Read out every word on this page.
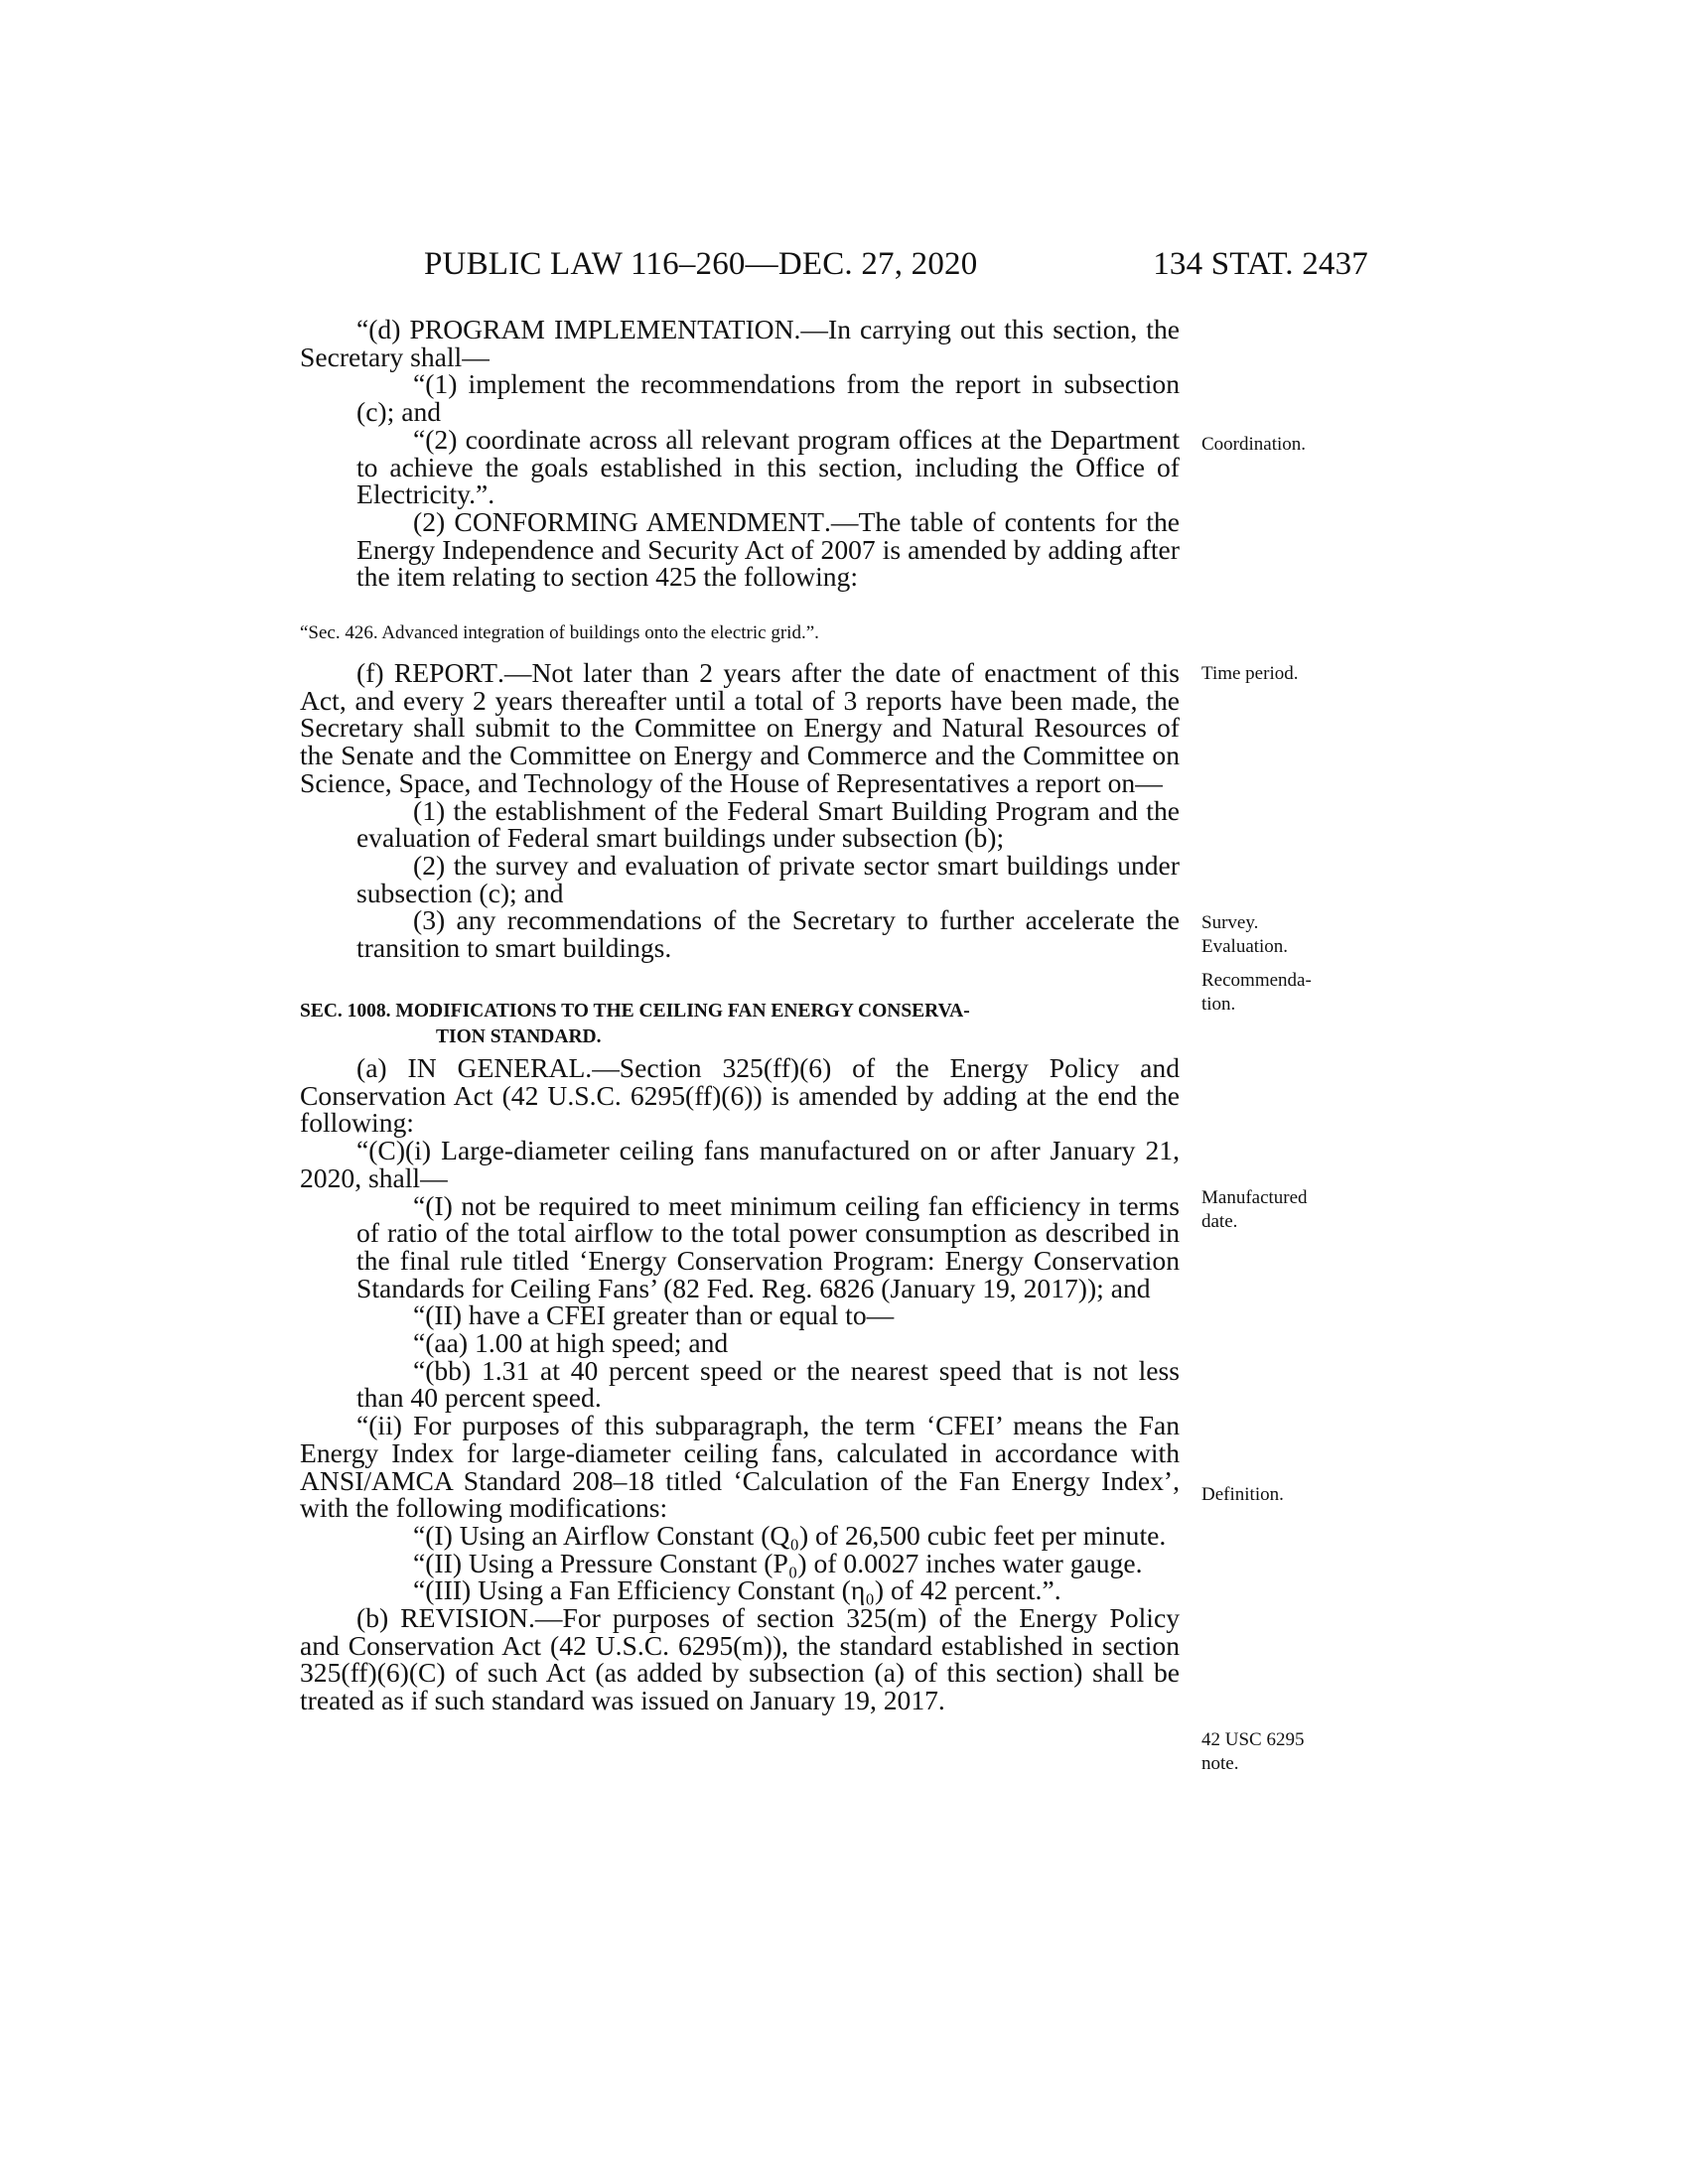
PUBLIC LAW 116–260—DEC. 27, 2020	134 STAT. 2437

“(d) PROGRAM IMPLEMENTATION.—In carrying out this section, the Secretary shall—

“(1) implement the recommendations from the report in subsection (c); and

“(2) coordinate across all relevant program offices at the Department to achieve the goals established in this section, including the Office of Electricity.”.

(2) CONFORMING AMENDMENT.—The table of contents for the Energy Independence and Security Act of 2007 is amended by adding after the item relating to section 425 the following:

“Sec. 426. Advanced integration of buildings onto the electric grid.”.

(f) REPORT.—Not later than 2 years after the date of enactment of this Act, and every 2 years thereafter until a total of 3 reports have been made, the Secretary shall submit to the Committee on Energy and Natural Resources of the Senate and the Committee on Energy and Commerce and the Committee on Science, Space, and Technology of the House of Representatives a report on—

(1) the establishment of the Federal Smart Building Program and the evaluation of Federal smart buildings under subsection (b);

(2) the survey and evaluation of private sector smart buildings under subsection (c); and

(3) any recommendations of the Secretary to further accelerate the transition to smart buildings.

SEC. 1008. MODIFICATIONS TO THE CEILING FAN ENERGY CONSERVA-
TION STANDARD.

(a) IN GENERAL.—Section 325(ff)(6) of the Energy Policy and Conservation Act (42 U.S.C. 6295(ff)(6)) is amended by adding at the end the following:

“(C)(i) Large-diameter ceiling fans manufactured on or after January 21, 2020, shall—

“(I) not be required to meet minimum ceiling fan efficiency in terms of ratio of the total airflow to the total power consumption as described in the final rule titled ‘Energy Conservation Program: Energy Conservation Standards for Ceiling Fans’ (82 Fed. Reg. 6826 (January 19, 2017)); and

“(II) have a CFEI greater than or equal to—

“(aa) 1.00 at high speed; and

“(bb) 1.31 at 40 percent speed or the nearest speed that is not less than 40 percent speed.

“(ii) For purposes of this subparagraph, the term ‘CFEI’ means the Fan Energy Index for large-diameter ceiling fans, calculated in accordance with ANSI/AMCA Standard 208–18 titled ‘Calculation of the Fan Energy Index’, with the following modifications:

“(I) Using an Airflow Constant (Q₀) of 26,500 cubic feet per minute.

“(II) Using a Pressure Constant (P₀) of 0.0027 inches water gauge.

“(III) Using a Fan Efficiency Constant (η₀) of 42 percent.”.

(b) REVISION.—For purposes of section 325(m) of the Energy Policy and Conservation Act (42 U.S.C. 6295(m)), the standard established in section 325(ff)(6)(C) of such Act (as added by subsection (a) of this section) shall be treated as if such standard was issued on January 19, 2017.

Coordination.
Time period.
Survey.
Evaluation.
Recommenda-
tion.
Manufactured
date.
Definition.
42 USC 6295
note.
